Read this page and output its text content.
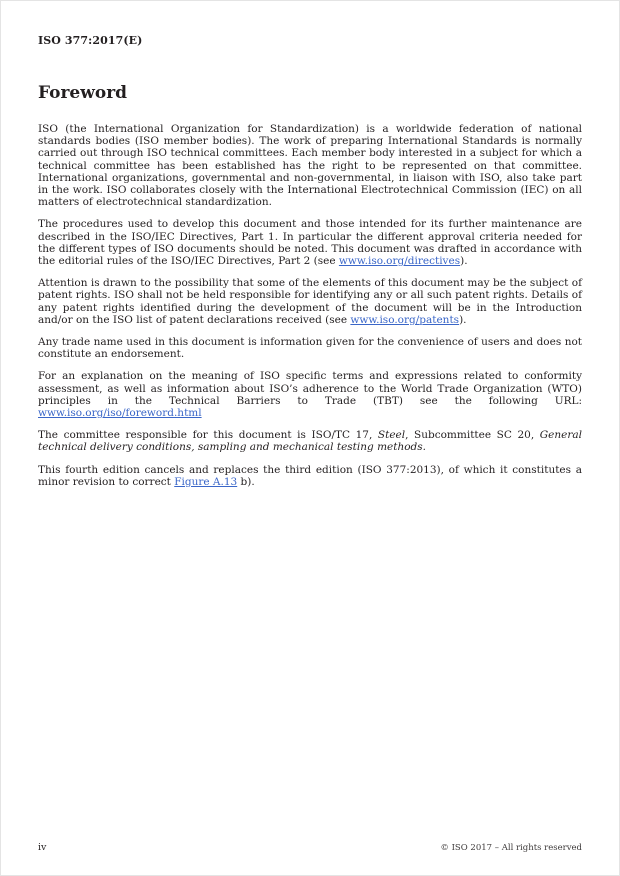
ISO 377:2017(E)
Foreword

ISO (the International Organization for Standardization) is a worldwide federation of national standards bodies (ISO member bodies). The work of preparing International Standards is normally carried out through ISO technical committees. Each member body interested in a subject for which a technical committee has been established has the right to be represented on that committee. International organizations, governmental and non-governmental, in liaison with ISO, also take part in the work. ISO collaborates closely with the International Electrotechnical Commission (IEC) on all matters of electrotechnical standardization.

The procedures used to develop this document and those intended for its further maintenance are described in the ISO/IEC Directives, Part 1. In particular the different approval criteria needed for the different types of ISO documents should be noted. This document was drafted in accordance with the editorial rules of the ISO/IEC Directives, Part 2 (see www.iso.org/directives).

Attention is drawn to the possibility that some of the elements of this document may be the subject of patent rights. ISO shall not be held responsible for identifying any or all such patent rights. Details of any patent rights identified during the development of the document will be in the Introduction and/or on the ISO list of patent declarations received (see www.iso.org/patents).

Any trade name used in this document is information given for the convenience of users and does not constitute an endorsement.

For an explanation on the meaning of ISO specific terms and expressions related to conformity assessment, as well as information about ISO’s adherence to the World Trade Organization (WTO) principles in the Technical Barriers to Trade (TBT) see the following URL: www.iso.org/iso/foreword.html

The committee responsible for this document is ISO/TC 17, Steel, Subcommittee SC 20, General technical delivery conditions, sampling and mechanical testing methods.

This fourth edition cancels and replaces the third edition (ISO 377:2013), of which it constitutes a minor revision to correct Figure A.13 b).

iv	© ISO 2017 – All rights reserved
